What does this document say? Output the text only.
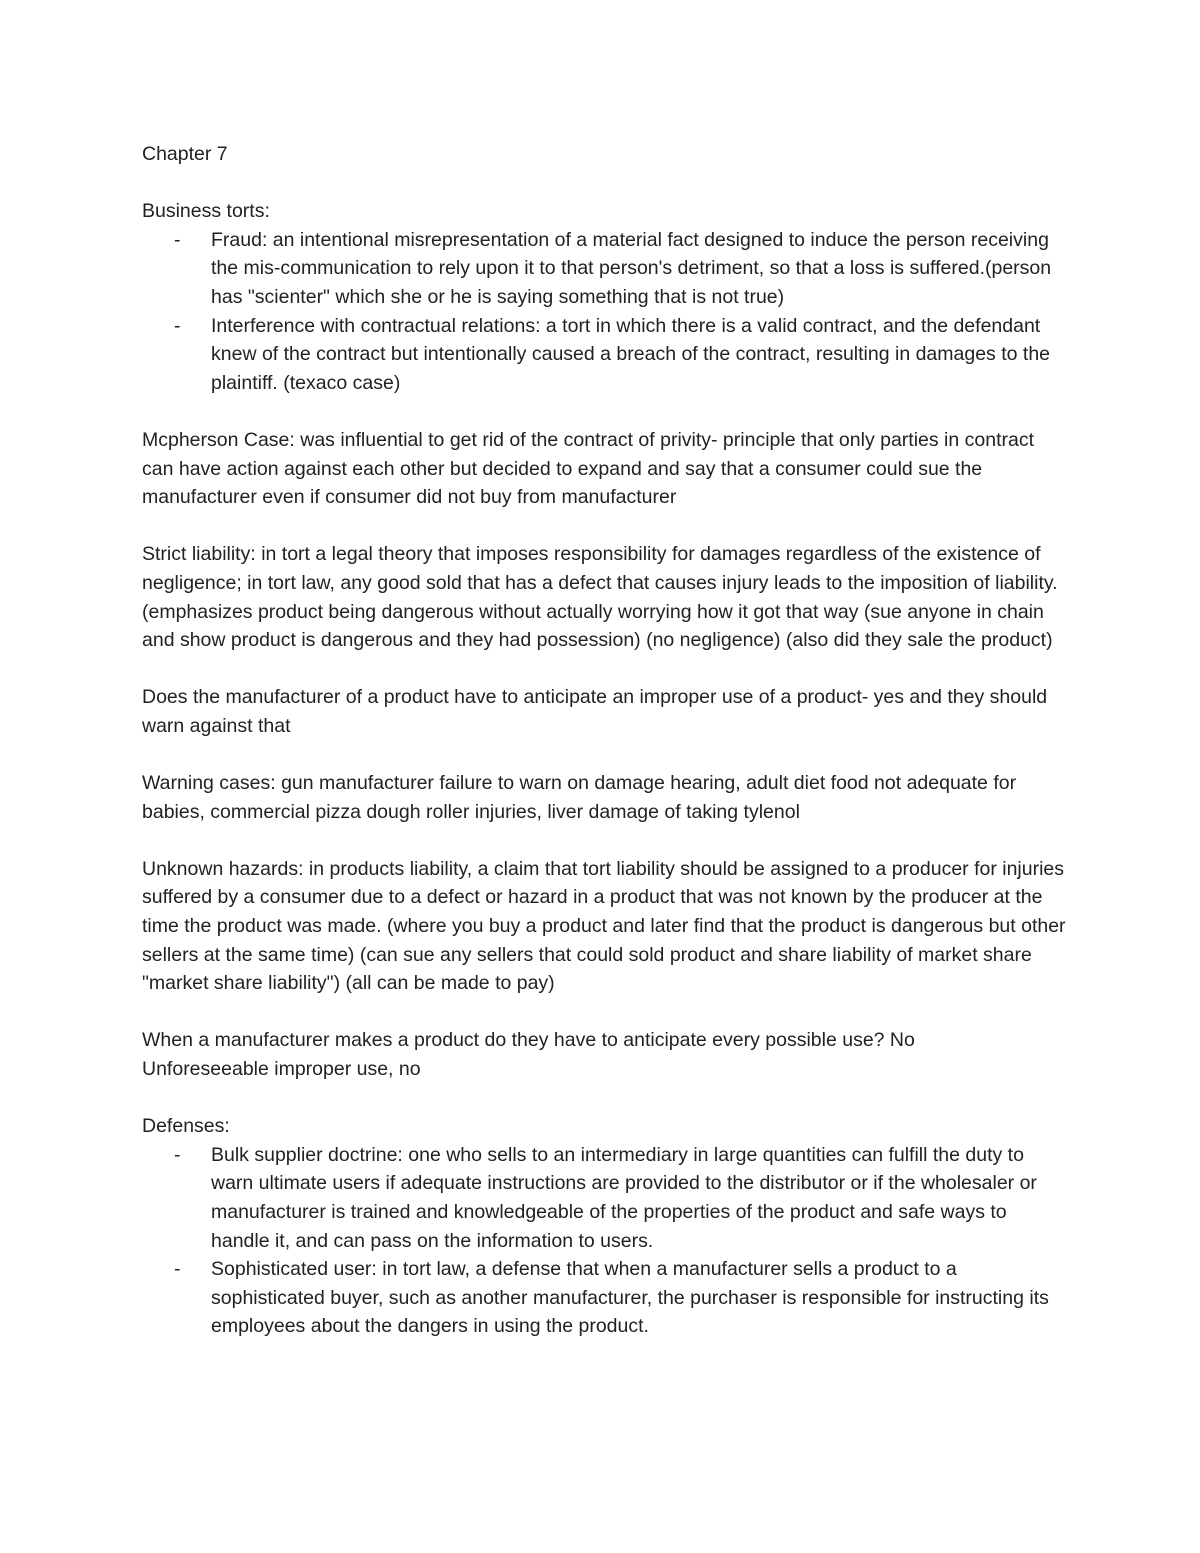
Chapter 7

Business torts:

- Fraud: an intentional misrepresentation of a material fact designed to induce the person receiving the mis-communication to rely upon it to that person's detriment, so that a loss is suffered.(person has "scienter" which she or he is saying something that is not true)
- Interference with contractual relations: a tort in which there is a valid contract, and the defendant knew of the contract but intentionally caused a breach of the contract, resulting in damages to the plaintiff. (texaco case)

Mcpherson Case: was influential to get rid of the contract of privity- principle that only parties in contract can have action against each other but decided to expand and say that a consumer could sue the manufacturer even if consumer did not buy from manufacturer

Strict liability: in tort a legal theory that imposes responsibility for damages regardless of the existence of negligence; in tort law, any good sold that has a defect that causes injury leads to the imposition of liability. (emphasizes product being dangerous without actually worrying how it got that way (sue anyone in chain and show product is dangerous and they had possession) (no negligence) (also did they sale the product)

Does the manufacturer of a product have to anticipate an improper use of a product- yes and they should warn against that

Warning cases: gun manufacturer failure to warn on damage hearing, adult diet food not adequate for babies, commercial pizza dough roller injuries, liver damage of taking tylenol

Unknown hazards: in products liability, a claim that tort liability should be assigned to a producer for injuries suffered by a consumer due to a defect or hazard in a product that was not known by the producer at the time the product was made. (where you buy a product and later find that the product is dangerous but other sellers at the same time) (can sue any sellers that could sold product and share liability of market share "market share liability") (all can be made to pay)

When a manufacturer makes a product do they have to anticipate every possible use? No

Unforeseeable improper use, no

Defenses:

- Bulk supplier doctrine: one who sells to an intermediary in large quantities can fulfill the duty to warn ultimate users if adequate instructions are provided to the distributor or if the wholesaler or manufacturer is trained and knowledgeable of the properties of the product and safe ways to handle it, and can pass on the information to users.
- Sophisticated user: in tort law, a defense that when a manufacturer sells a product to a sophisticated buyer, such as another manufacturer, the purchaser is responsible for instructing its employees about the dangers in using the product.
